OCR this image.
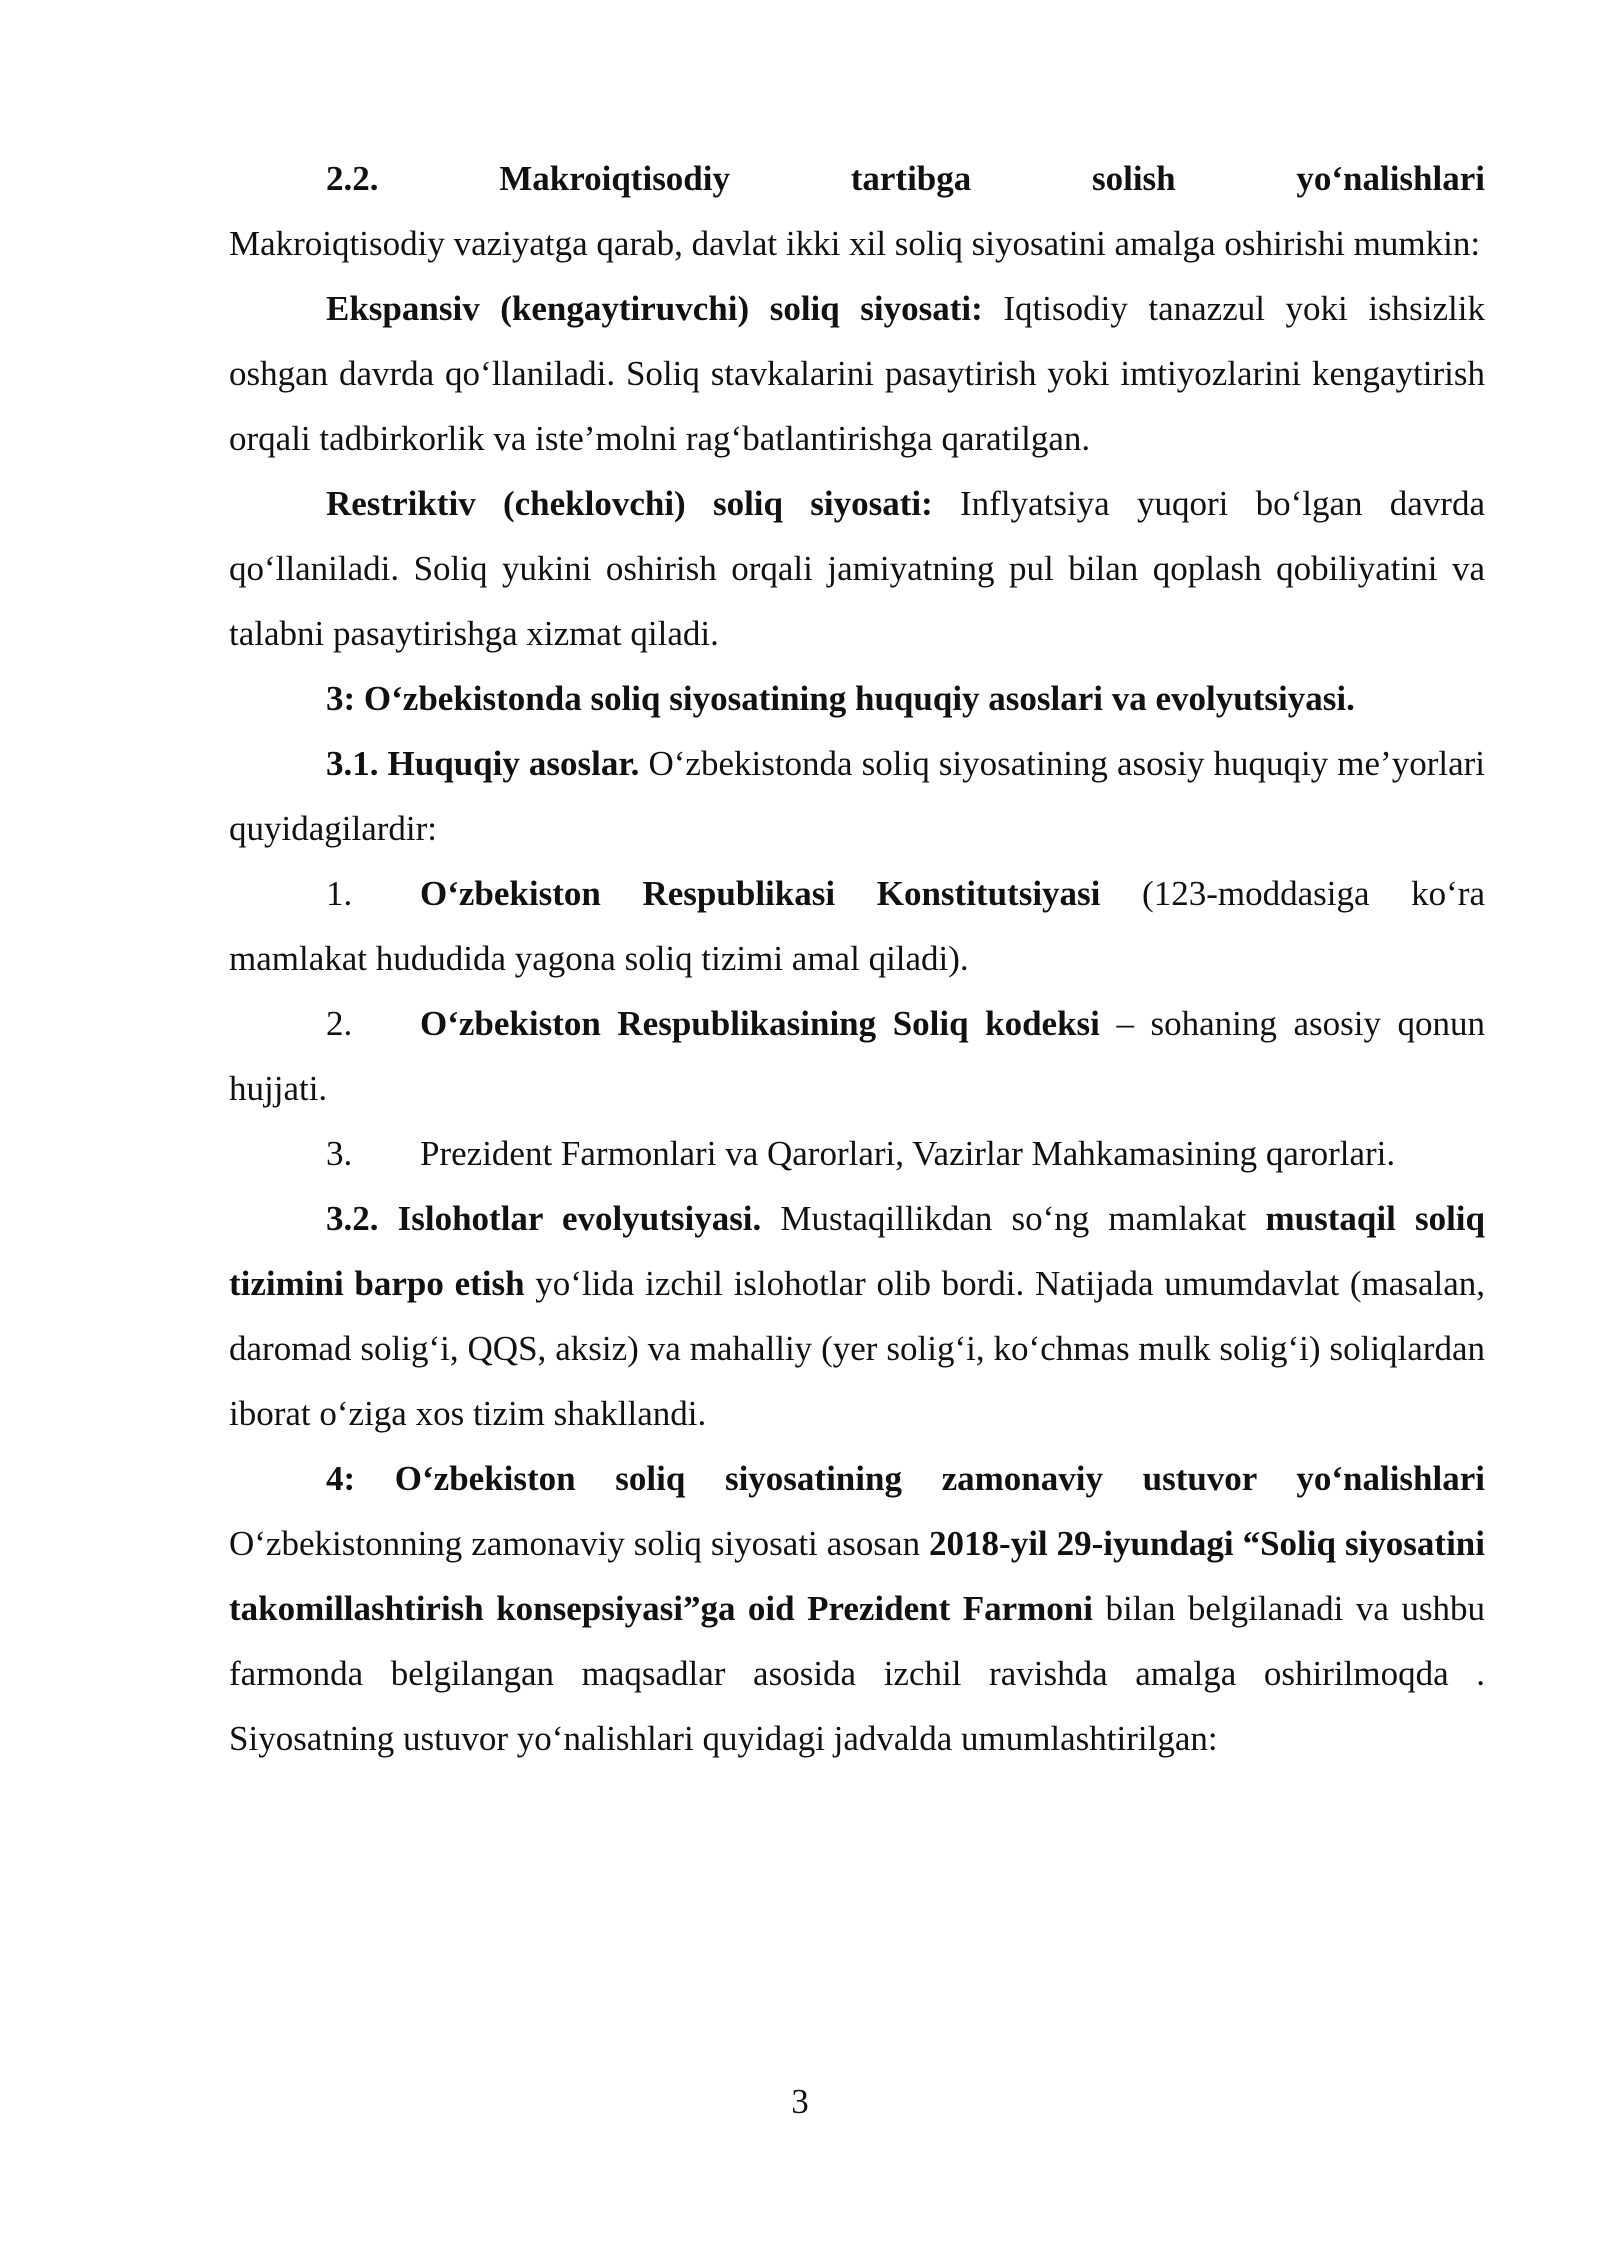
2.2.	Makroiqtisodiy	tartibga	solish	yo‘nalishlari

Makroiqtisodiy vaziyatga qarab, davlat ikki xil soliq siyosatini amalga oshirishi mumkin:

Ekspansiv (kengaytiruvchi) soliq siyosati: Iqtisodiy tanazzul yoki ishsizlik oshgan davrda qo‘llaniladi. Soliq stavkalarini pasaytirish yoki imtiyozlarini kengaytirish orqali tadbirkorlik va iste’molni rag‘batlantirishga qaratilgan.

Restriktiv (cheklovchi) soliq siyosati: Inflyatsiya yuqori bo‘lgan davrda qo‘llaniladi. Soliq yukini oshirish orqali jamiyatning pul bilan qoplash qobiliyatini va talabni pasaytirishga xizmat qiladi.

3: O‘zbekistonda soliq siyosatining huquqiy asoslari va evolyutsiyasi.

3.1. Huquqiy asoslar. O‘zbekistonda soliq siyosatining asosiy huquqiy me’yorlari quyidagilardir:

1. O‘zbekiston Respublikasi Konstitutsiyasi (123-moddasiga ko‘ra mamlakat hududida yagona soliq tizimi amal qiladi).

2. O‘zbekiston Respublikasining Soliq kodeksi – sohaning asosiy qonun hujjati.

3. Prezident Farmonlari va Qarorlari, Vazirlar Mahkamasining qarorlari.

3.2. Islohotlar evolyutsiyasi. Mustaqillikdan so‘ng mamlakat mustaqil soliq tizimini barpo etish yo‘lida izchil islohotlar olib bordi. Natijada umumdavlat (masalan, daromad solig‘i, QQS, aksiz) va mahalliy (yer solig‘i, ko‘chmas mulk solig‘i) soliqlardan iborat o‘ziga xos tizim shakllandi.

4: O‘zbekiston soliq siyosatining zamonaviy ustuvor yo‘nalishlari

O‘zbekistonning zamonaviy soliq siyosati asosan 2018-yil 29-iyundagi “Soliq siyosatini takomillashtirish konsepsiyasi”ga oid Prezident Farmoni bilan belgilanadi va ushbu farmonda belgilangan maqsadlar asosida izchil ravishda amalga oshirilmoqda . Siyosatning ustuvor yo‘nalishlari quyidagi jadvalda umumlashtirilgan:

3
